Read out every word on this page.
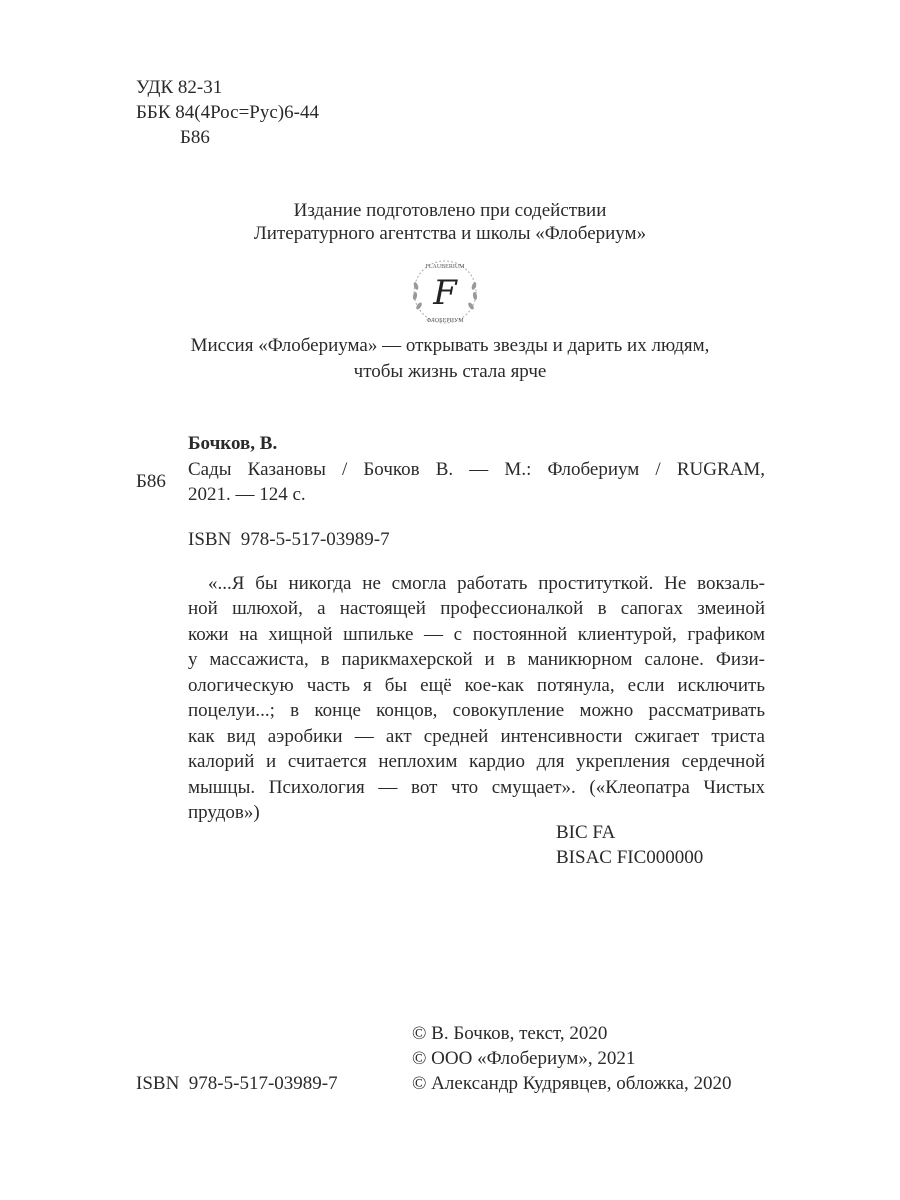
УДК 82-31
ББК 84(4Рос=Рус)6-44
Б86
Издание подготовлено при содействии
Литературного агентства и школы «Флобериум»
F
FLAUBERIUM
ФЛОБЕРИУМ
Миссия «Флобериума» — открывать звезды и дарить их людям,
чтобы жизнь стала ярче
Бочков, В.
Б86
Сады Казановы / Бочков В. — М.: Флобериум / RUGRAM,
2021. — 124 с.
ISBN  978-5-517-03989-7
«...Я бы никогда не смогла работать проституткой. Не вокзаль-
ной шлюхой, а настоящей профессионалкой в сапогах змеиной
кожи на хищной шпильке — с постоянной клиентурой, графиком
у массажиста, в парикмахерской и в маникюрном салоне. Физи-
ологическую часть я бы ещё кое-как потянула, если исключить
поцелуи...; в конце концов, совокупление можно рассматривать
как вид аэробики — акт средней интенсивности сжигает триста
калорий и считается неплохим кардио для укрепления сердечной
мышцы. Психология — вот что смущает». («Клеопатра Чистых
прудов»)
BIC FA
BISAC FIC000000
© В. Бочков, текст, 2020
© ООО «Флобериум», 2021
© Александр Кудрявцев, обложка, 2020
ISBN  978-5-517-03989-7
